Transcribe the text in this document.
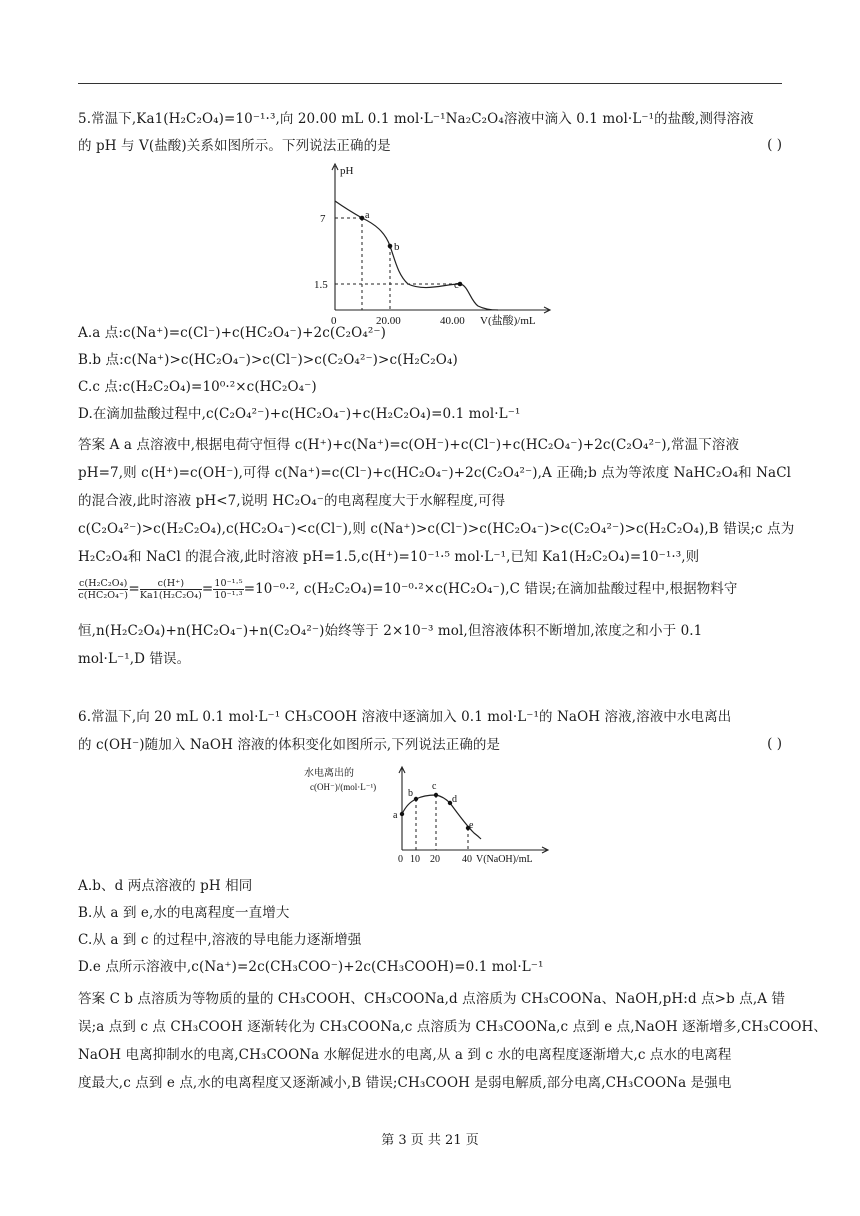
5.常温下,Ka1(H₂C₂O₄)=10⁻¹·³,向 20.00 mL 0.1 mol·L⁻¹Na₂C₂O₄溶液中滴入 0.1 mol·L⁻¹的盐酸,测得溶液
的 pH 与 V(盐酸)关系如图所示。下列说法正确的是	( )
pH
7
1.5
a
b
c
0	20.00	40.00 V(盐酸)/mL
A.a 点:c(Na⁺)=c(Cl⁻)+c(HC₂O₄⁻)+2c(C₂O₄²⁻)
B.b 点:c(Na⁺)>c(HC₂O₄⁻)>c(Cl⁻)>c(C₂O₄²⁻)>c(H₂C₂O₄)
C.c 点:c(H₂C₂O₄)=10⁰·²×c(HC₂O₄⁻)
D.在滴加盐酸过程中,c(C₂O₄²⁻)+c(HC₂O₄⁻)+c(H₂C₂O₄)=0.1 mol·L⁻¹
答案 A a 点溶液中,根据电荷守恒得 c(H⁺)+c(Na⁺)=c(OH⁻)+c(Cl⁻)+c(HC₂O₄⁻)+2c(C₂O₄²⁻),常温下溶液
pH=7,则 c(H⁺)=c(OH⁻),可得 c(Na⁺)=c(Cl⁻)+c(HC₂O₄⁻)+2c(C₂O₄²⁻),A 正确;b 点为等浓度 NaHC₂O₄和 NaCl
的混合液,此时溶液 pH<7,说明 HC₂O₄⁻的电离程度大于水解程度,可得
c(C₂O₄²⁻)>c(H₂C₂O₄),c(HC₂O₄⁻)<c(Cl⁻),则 c(Na⁺)>c(Cl⁻)>c(HC₂O₄⁻)>c(C₂O₄²⁻)>c(H₂C₂O₄),B 错误;c 点为
H₂C₂O₄和 NaCl 的混合液,此时溶液 pH=1.5,c(H⁺)=10⁻¹·⁵ mol·L⁻¹,已知 Ka1(H₂C₂O₄)=10⁻¹·³,则
$\frac{\text{c(H₂C₂O₄)}}{\text{c(HC₂O₄⁻)}} = \frac{c(H^+)}{\text{Ka1(H₂C₂O₄)}} = \frac{\text{10⁻¹·⁵}}{\text{10⁻¹·³}} =10^{-0}\cdot^2$, c(H₂C₂O₄)=10⁻⁰·²×c(HC₂O₄⁻),C 错误;在滴加盐酸过程中,根据物料守
恒,n(H₂C₂O₄)+n(HC₂O₄⁻)+n(C₂O₄²⁻)始终等于 2×10⁻³ mol,但溶液体积不断增加,浓度之和小于 0.1
mol·L⁻¹,D 错误。
6.常温下,向 20 mL 0.1 mol·L⁻¹ CH₃COOH 溶液中逐滴加入 0.1 mol·L⁻¹的 NaOH 溶液,溶液中水电离出
的 c(OH⁻)随加入 NaOH 溶液的体积变化如图所示,下列说法正确的是	( )
水电离出的
c(OH⁻)/(mol·L⁻¹)
a
b
c
d
e
0 10 20 40 V(NaOH)/mL
A.b、d 两点溶液的 pH 相同
B.从 a 到 e,水的电离程度一直增大
C.从 a 到 c 的过程中,溶液的导电能力逐渐增强
D.e 点所示溶液中,c(Na⁺)=2c(CH₃COO⁻)+2c(CH₃COOH)=0.1 mol·L⁻¹
答案 C b 点溶质为等物质的量的 CH₃COOH、CH₃COONa,d 点溶质为 CH₃COONa、NaOH,pH:d 点>b 点,A 错
误;a 点到 c 点 CH₃COOH 逐渐转化为 CH₃COONa,c 点溶质为 CH₃COONa,c 点到 e 点,NaOH 逐渐增多,CH₃COOH、
NaOH 电离抑制水的电离,CH₃COONa 水解促进水的电离,从 a 到 c 水的电离程度逐渐增大,c 点水的电离程
度最大,c 点到 e 点,水的电离程度又逐渐减小,B 错误;CH₃COOH 是弱电解质,部分电离,CH₃COONa 是强电
第 3 页 共 21 页
